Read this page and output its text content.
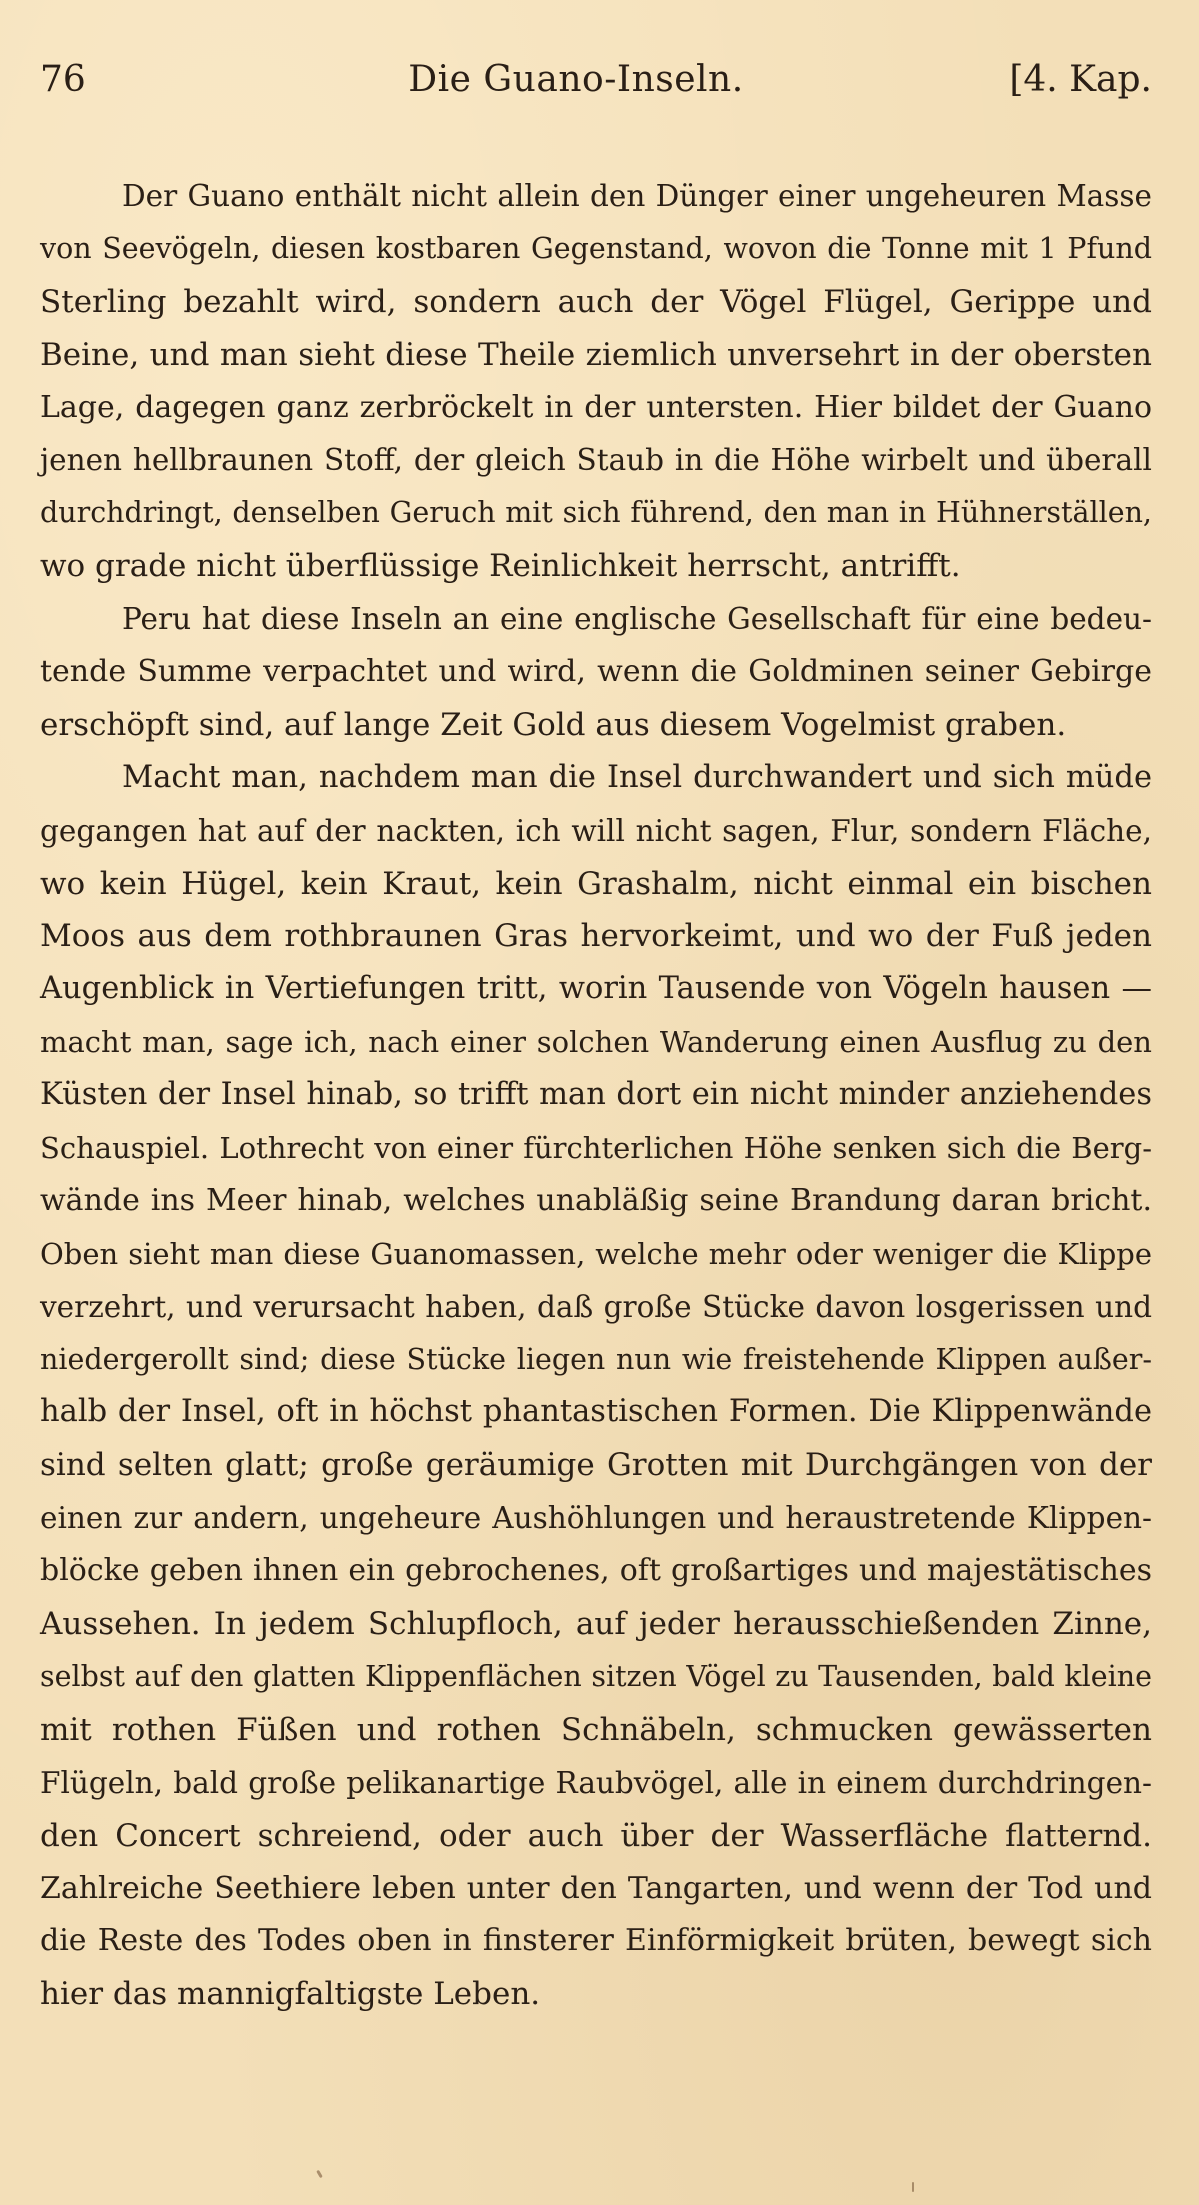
76	Die Guano-Inseln.	[4. Kap.
Der Guano enthält nicht allein den Dünger einer ungeheuren Masse
von Seevögeln, diesen kostbaren Gegenstand, wovon die Tonne mit 1 Pfund
Sterling bezahlt wird, sondern auch der Vögel Flügel, Gerippe und
Beine, und man sieht diese Theile ziemlich unversehrt in der obersten
Lage, dagegen ganz zerbröckelt in der untersten. Hier bildet der Guano
jenen hellbraunen Stoff, der gleich Staub in die Höhe wirbelt und überall
durchdringt, denselben Geruch mit sich führend, den man in Hühnerställen,
wo grade nicht überflüssige Reinlichkeit herrscht, antrifft.
Peru hat diese Inseln an eine englische Gesellschaft für eine bedeu-
tende Summe verpachtet und wird, wenn die Goldminen seiner Gebirge
erschöpft sind, auf lange Zeit Gold aus diesem Vogelmist graben.
Macht man, nachdem man die Insel durchwandert und sich müde
gegangen hat auf der nackten, ich will nicht sagen, Flur, sondern Fläche,
wo kein Hügel, kein Kraut, kein Grashalm, nicht einmal ein bischen
Moos aus dem rothbraunen Gras hervorkeimt, und wo der Fuß jeden
Augenblick in Vertiefungen tritt, worin Tausende von Vögeln hausen —
macht man, sage ich, nach einer solchen Wanderung einen Ausflug zu den
Küsten der Insel hinab, so trifft man dort ein nicht minder anziehendes
Schauspiel. Lothrecht von einer fürchterlichen Höhe senken sich die Berg-
wände ins Meer hinab, welches unabläßig seine Brandung daran bricht.
Oben sieht man diese Guanomassen, welche mehr oder weniger die Klippe
verzehrt, und verursacht haben, daß große Stücke davon losgerissen und
niedergerollt sind; diese Stücke liegen nun wie freistehende Klippen außer-
halb der Insel, oft in höchst phantastischen Formen. Die Klippenwände
sind selten glatt; große geräumige Grotten mit Durchgängen von der
einen zur andern, ungeheure Aushöhlungen und heraustretende Klippen-
blöcke geben ihnen ein gebrochenes, oft großartiges und majestätisches
Aussehen. In jedem Schlupfloch, auf jeder herausschießenden Zinne,
selbst auf den glatten Klippenflächen sitzen Vögel zu Tausenden, bald kleine
mit rothen Füßen und rothen Schnäbeln, schmucken gewässerten
Flügeln, bald große pelikanartige Raubvögel, alle in einem durchdringen-
den Concert schreiend, oder auch über der Wasserfläche flatternd.
Zahlreiche Seethiere leben unter den Tangarten, und wenn der Tod und
die Reste des Todes oben in finsterer Einförmigkeit brüten, bewegt sich
hier das mannigfaltigste Leben.
